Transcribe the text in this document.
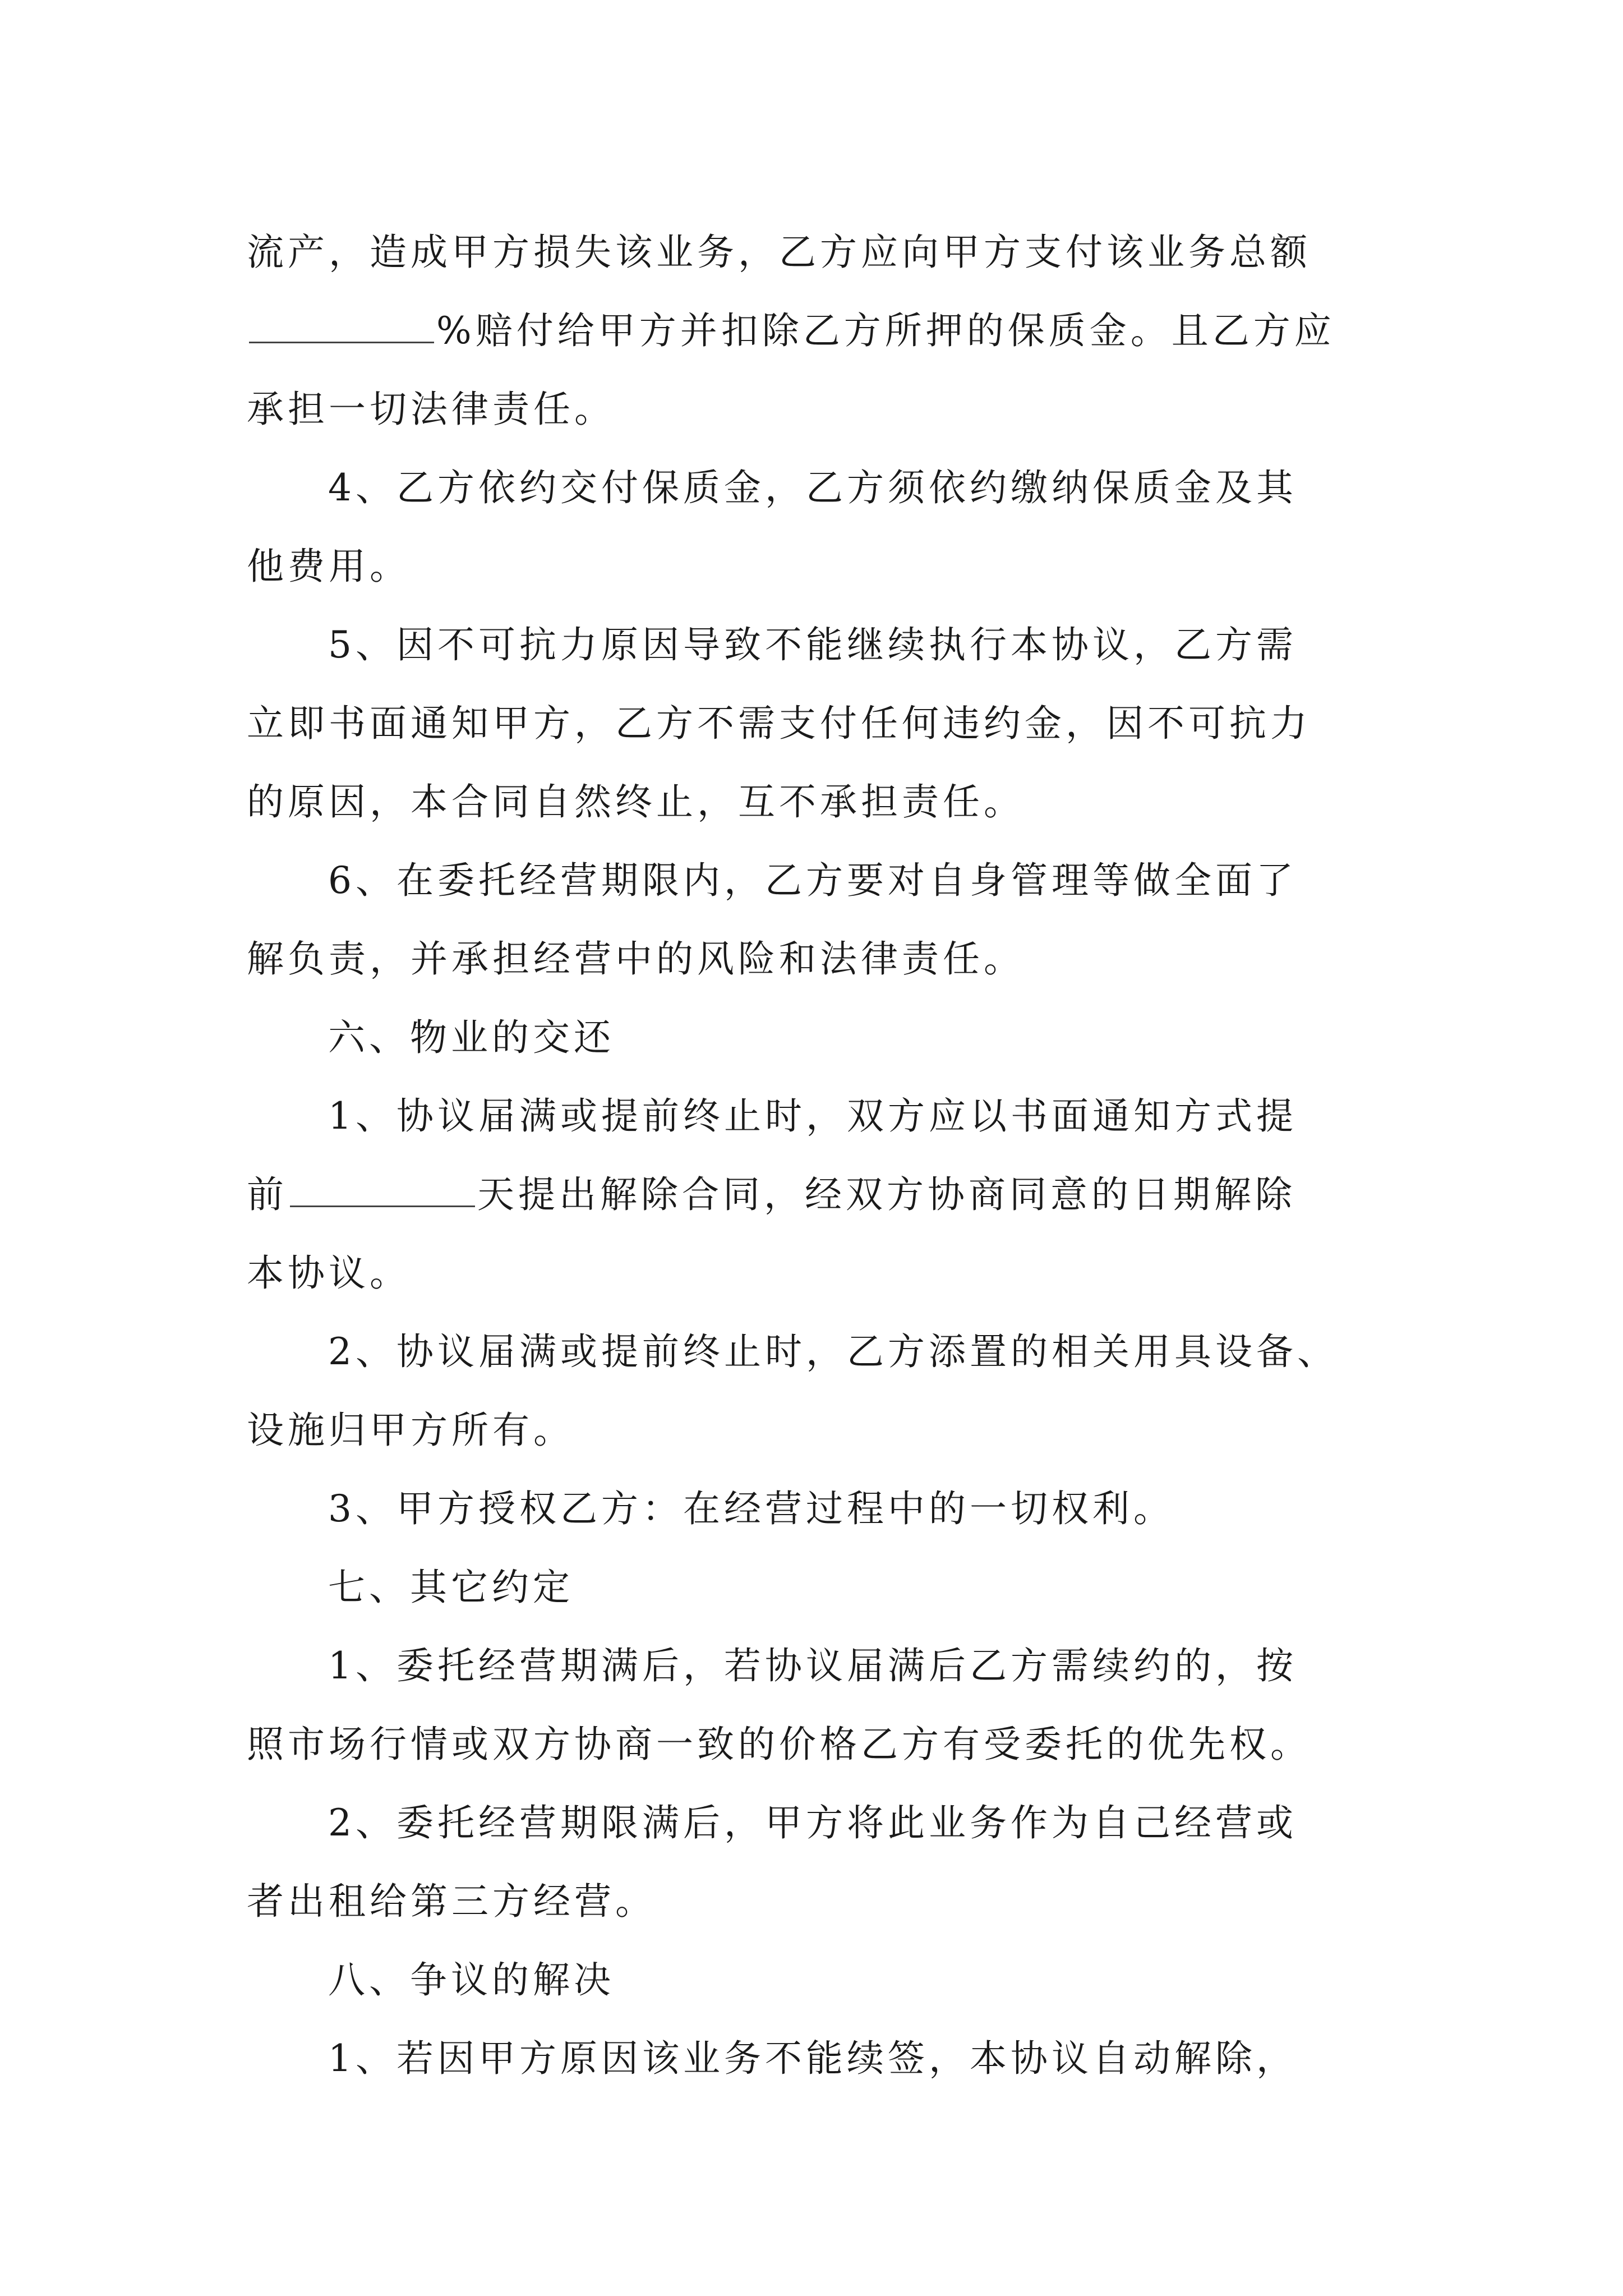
流产，造成甲方损失该业务，乙方应向甲方支付该业务总额
%赔付给甲方并扣除乙方所押的保质金。且乙方应
承担一切法律责任。
4、乙方依约交付保质金，乙方须依约缴纳保质金及其
他费用。
5、因不可抗力原因导致不能继续执行本协议，乙方需
立即书面通知甲方，乙方不需支付任何违约金，因不可抗力
的原因，本合同自然终止，互不承担责任。
6、在委托经营期限内，乙方要对自身管理等做全面了
解负责，并承担经营中的风险和法律责任。
六、物业的交还
1、协议届满或提前终止时，双方应以书面通知方式提
前	天提出解除合同，经双方协商同意的日期解除
本协议。
2、协议届满或提前终止时，乙方添置的相关用具设备、
设施归甲方所有。
3、甲方授权乙方：在经营过程中的一切权利。
七、其它约定
1、委托经营期满后，若协议届满后乙方需续约的，按
照市场行情或双方协商一致的价格乙方有受委托的优先权。
2、委托经营期限满后，甲方将此业务作为自己经营或
者出租给第三方经营。
八、争议的解决
1、若因甲方原因该业务不能续签，本协议自动解除，
